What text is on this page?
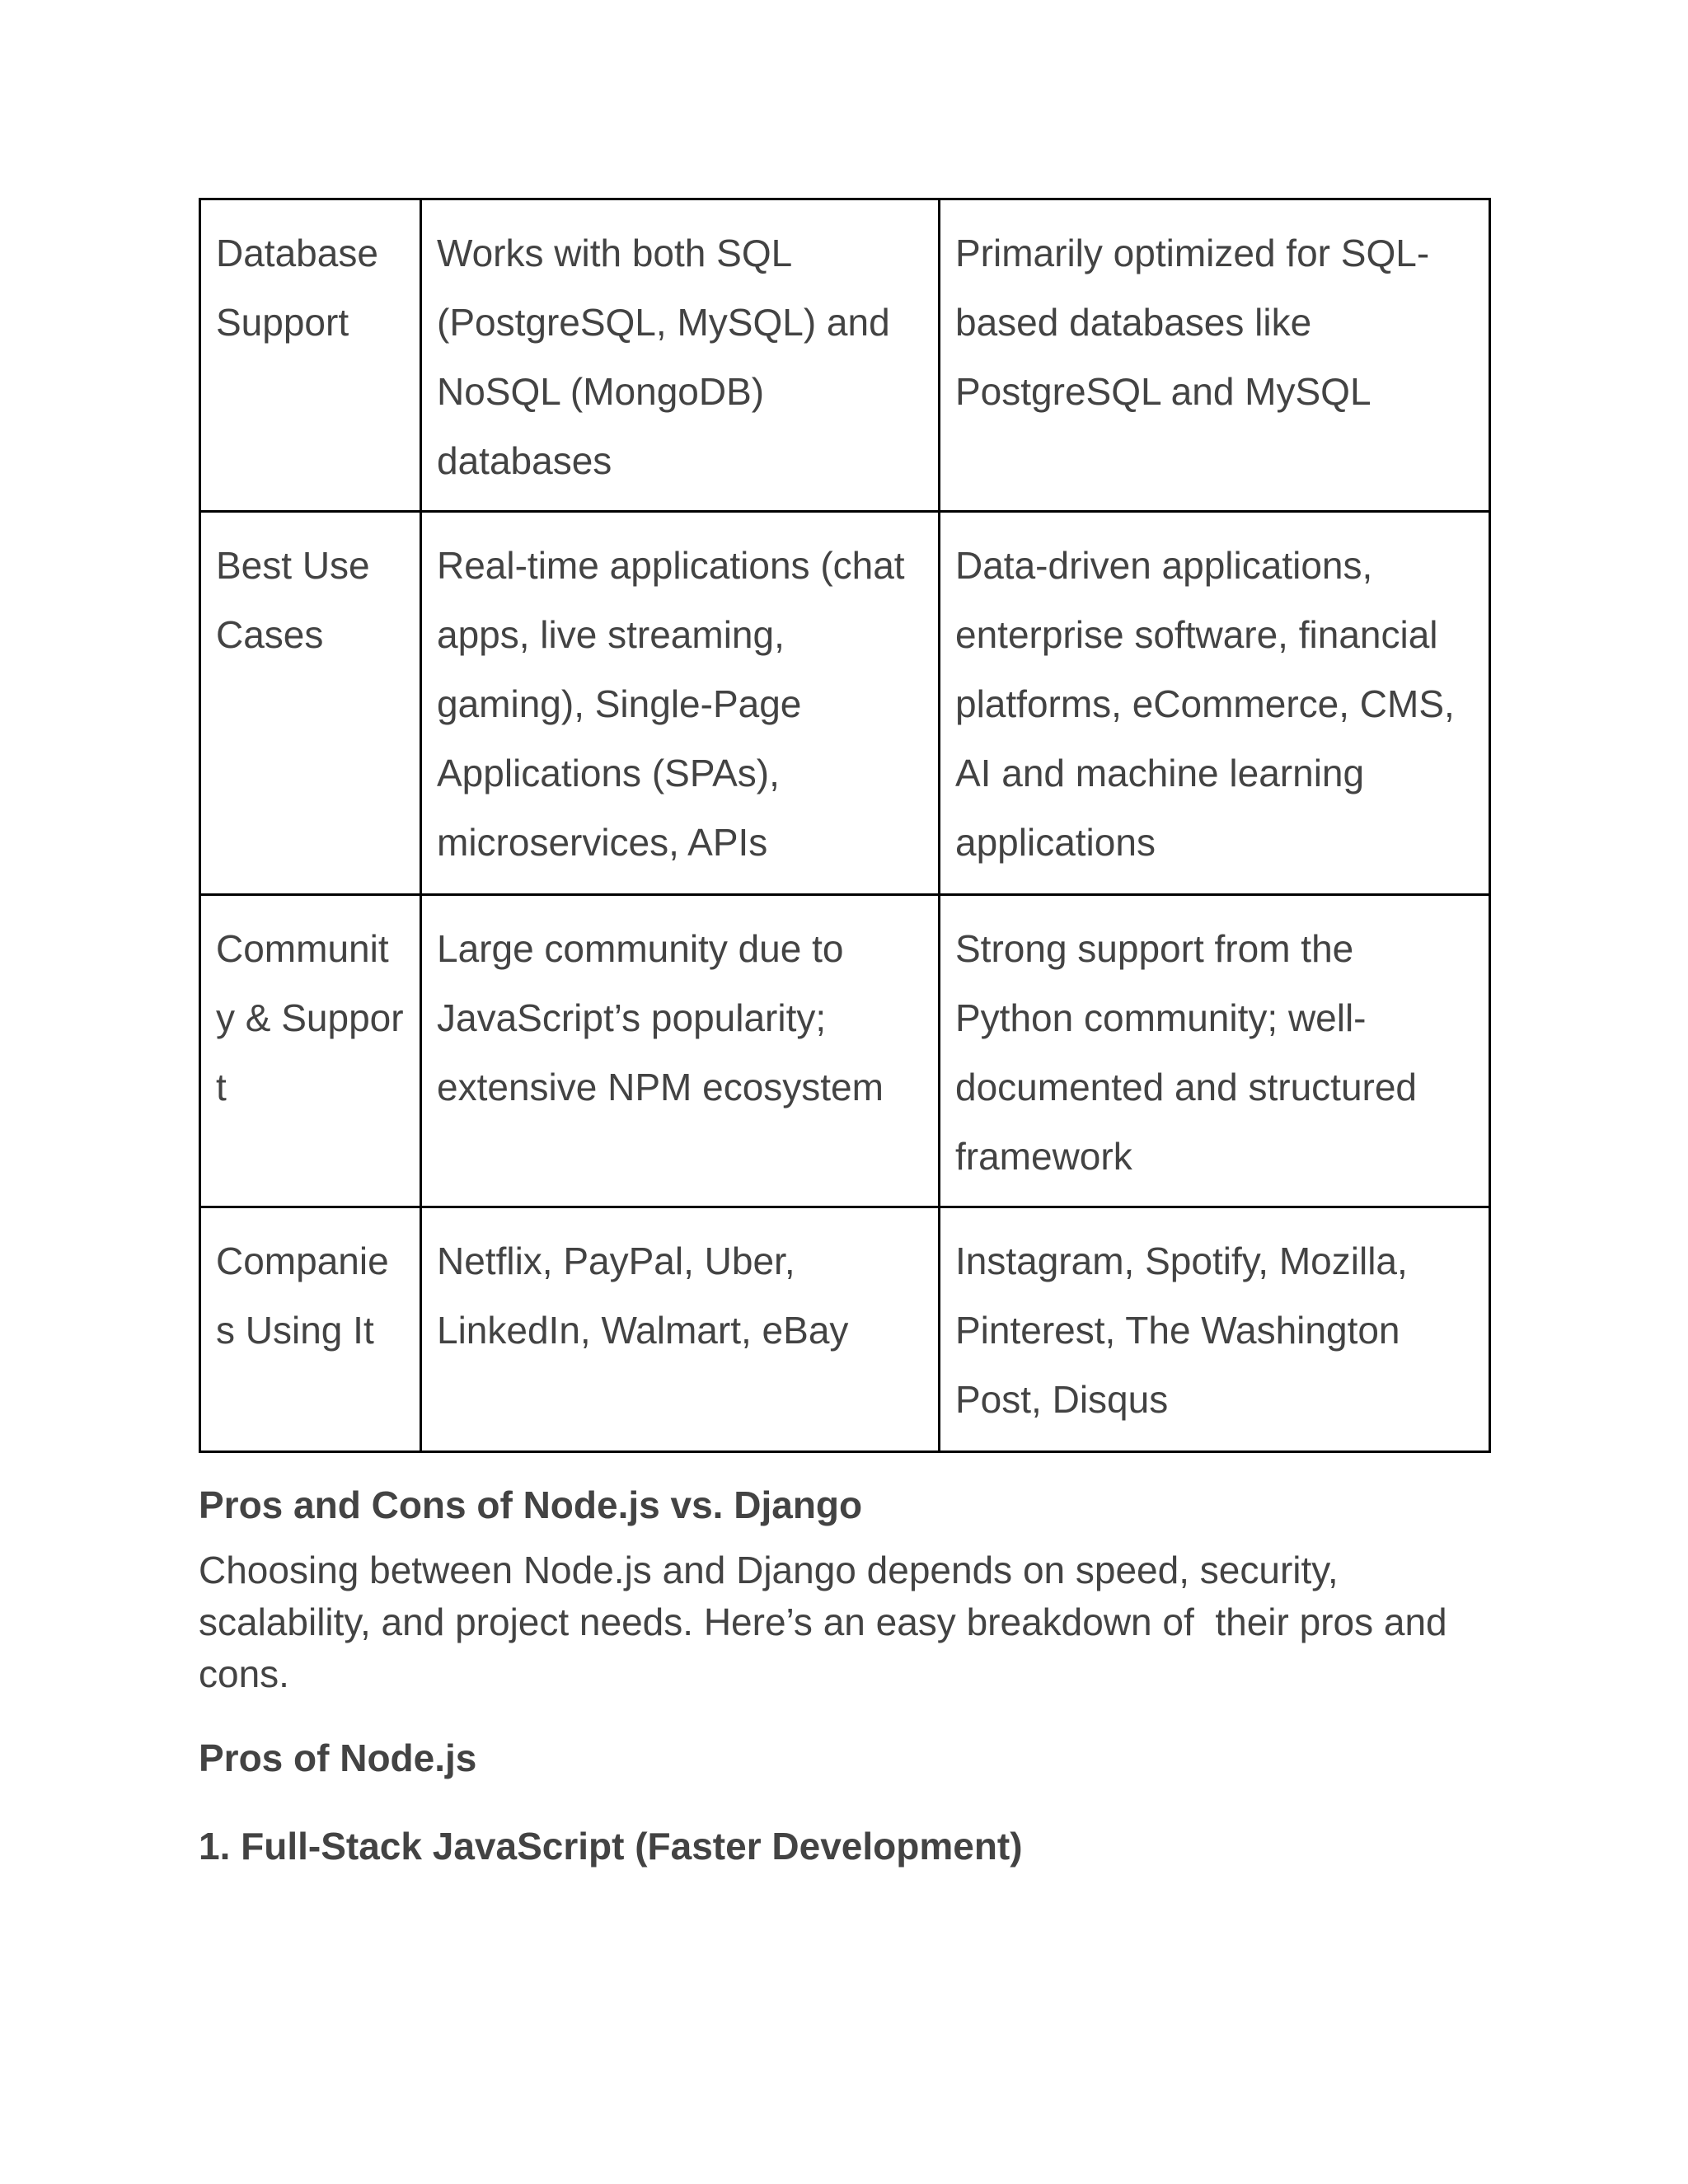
Database Support	Works with both SQL (PostgreSQL, MySQL) and NoSQL (MongoDB) databases	Primarily optimized for SQL-based databases like PostgreSQL and MySQL
Best Use Cases	Real-time applications (chat apps, live streaming, gaming), Single-Page Applications (SPAs), microservices, APIs	Data-driven applications, enterprise software, financial platforms, eCommerce, CMS, AI and machine learning applications
Community & Support	Large community due to JavaScript’s popularity; extensive NPM ecosystem	Strong support from the Python community; well-documented and structured framework
Companies Using It	Netflix, PayPal, Uber, LinkedIn, Walmart, eBay	Instagram, Spotify, Mozilla, Pinterest, The Washington Post, Disqus
Pros and Cons of Node.js vs. Django

Choosing between Node.js and Django depends on speed, security, scalability, and project needs. Here’s an easy breakdown of  their pros and cons.

Pros of Node.js
1. Full-Stack JavaScript (Faster Development)
